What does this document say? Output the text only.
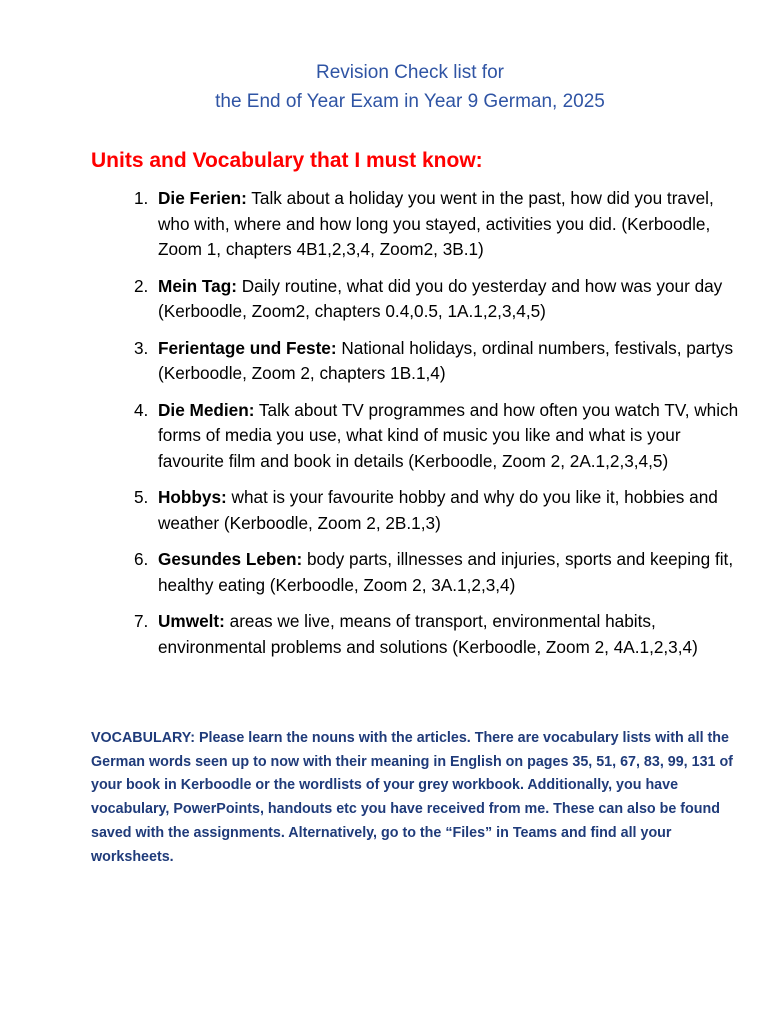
Revision Check list for
the End of Year Exam in Year 9 German, 2025
Units and Vocabulary that I must know:
1. Die Ferien: Talk about a holiday you went in the past, how did you travel, who with, where and how long you stayed, activities you did. (Kerboodle, Zoom 1, chapters 4B1,2,3,4, Zoom2, 3B.1)
2. Mein Tag: Daily routine, what did you do yesterday and how was your day (Kerboodle, Zoom2, chapters 0.4,0.5, 1A.1,2,3,4,5)
3. Ferientage und Feste: National holidays, ordinal numbers, festivals, partys (Kerboodle, Zoom 2, chapters 1B.1,4)
4. Die Medien: Talk about TV programmes and how often you watch TV, which forms of media you use, what kind of music you like and what is your favourite film and book in details (Kerboodle, Zoom 2, 2A.1,2,3,4,5)
5. Hobbys: what is your favourite hobby and why do you like it, hobbies and weather (Kerboodle, Zoom 2, 2B.1,3)
6. Gesundes Leben: body parts, illnesses and injuries, sports and keeping fit, healthy eating (Kerboodle, Zoom 2, 3A.1,2,3,4)
7. Umwelt: areas we live, means of transport, environmental habits, environmental problems and solutions (Kerboodle, Zoom 2, 4A.1,2,3,4)

VOCABULARY: Please learn the nouns with the articles. There are vocabulary lists with all the German words seen up to now with their meaning in English on pages 35, 51, 67, 83, 99, 131 of your book in Kerboodle or the wordlists of your grey workbook. Additionally, you have vocabulary, PowerPoints, handouts etc you have received from me. These can also be found saved with the assignments. Alternatively, go to the “Files” in Teams and find all your worksheets.
